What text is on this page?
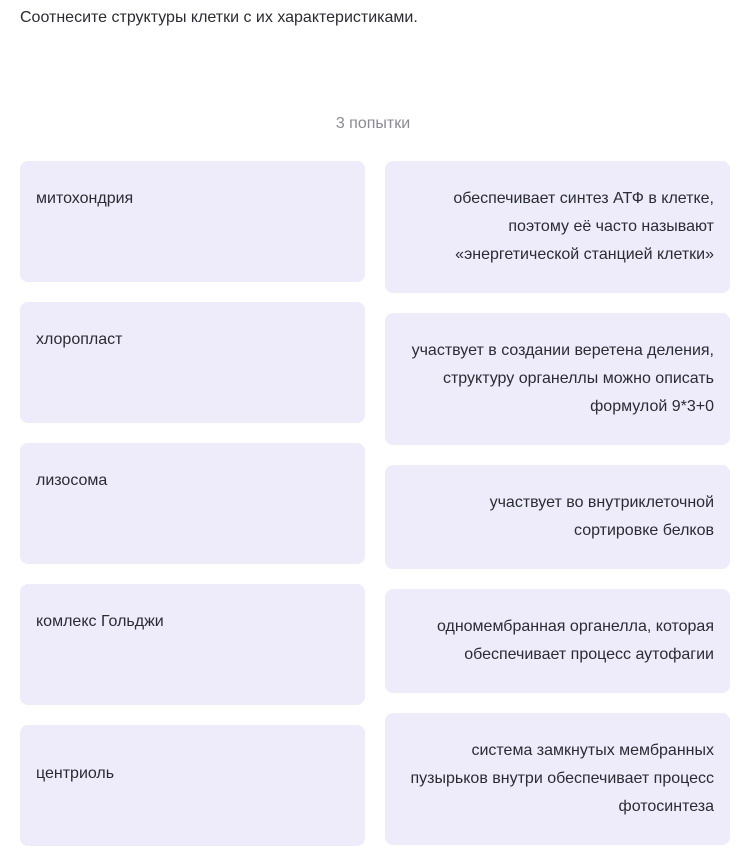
Соотнесите структуры клетки с их характеристиками.
3 попытки
митохондрия
хлоропласт
лизосома
комлекс Гольджи
центриоль
обеспечивает синтез АТФ в клетке, поэтому её часто называют «энергетической станцией клетки»
участвует в создании веретена деления, структуру органеллы можно описать формулой 9*3+0
участвует во внутриклеточной сортировке белков
одномембранная органелла, которая обеспечивает процесс аутофагии
система замкнутых мембранных пузырьков внутри обеспечивает процесс фотосинтеза
